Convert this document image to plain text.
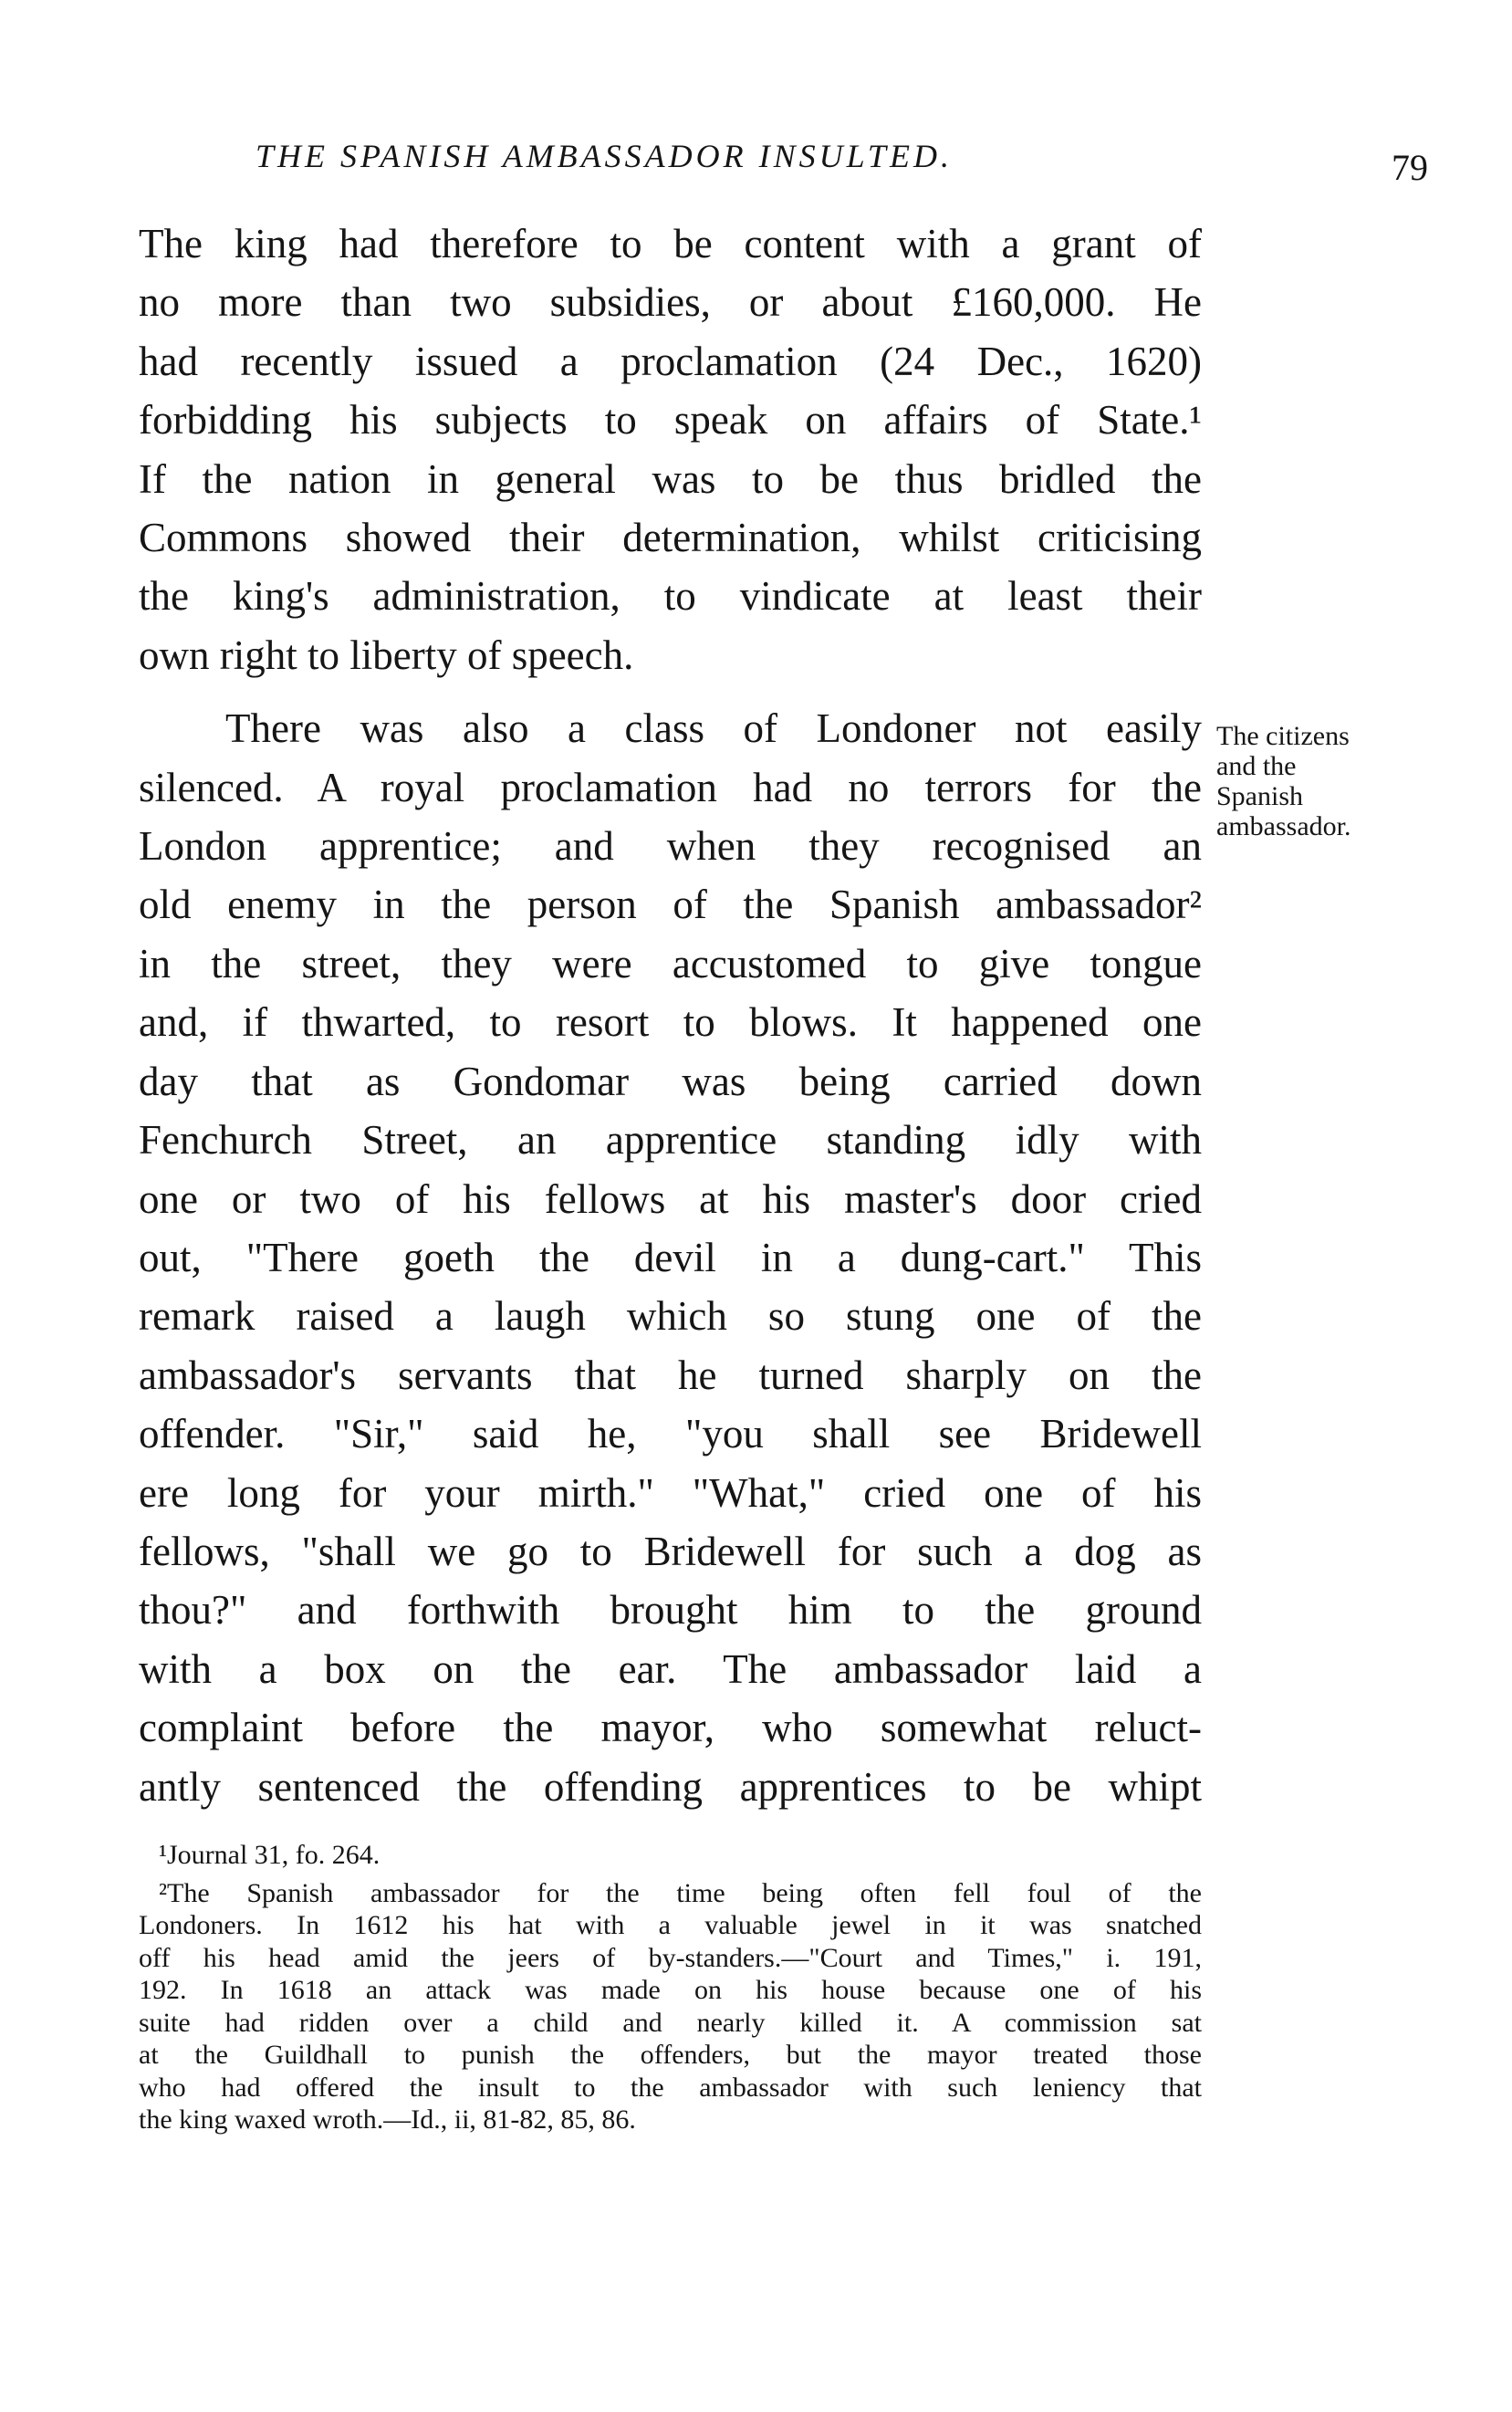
THE SPANISH AMBASSADOR INSULTED.	79
The king had therefore to be content with a grant of
no more than two subsidies, or about £160,000. He
had recently issued a proclamation (24 Dec., 1620)
forbidding his subjects to speak on affairs of State.¹
If the nation in general was to be thus bridled the
Commons showed their determination, whilst criticising
the king's administration, to vindicate at least their
own right to liberty of speech.
There was also a class of Londoner not easily
silenced. A royal proclamation had no terrors for the
London apprentice; and when they recognised an
old enemy in the person of the Spanish ambassador²
in the street, they were accustomed to give tongue
and, if thwarted, to resort to blows. It happened one
day that as Gondomar was being carried down
Fenchurch Street, an apprentice standing idly with
one or two of his fellows at his master's door cried
out, "There goeth the devil in a dung-cart." This
remark raised a laugh which so stung one of the
ambassador's servants that he turned sharply on the
offender. "Sir," said he, "you shall see Bridewell
ere long for your mirth." "What," cried one of his
fellows, "shall we go to Bridewell for such a dog as
thou?" and forthwith brought him to the ground
with a box on the ear. The ambassador laid a
complaint before the mayor, who somewhat reluct-
antly sentenced the offending apprentices to be whipt
The citizens
and the
Spanish
ambassador.
¹Journal 31, fo. 264.
²The Spanish ambassador for the time being often fell foul of the
Londoners. In 1612 his hat with a valuable jewel in it was snatched
off his head amid the jeers of by-standers.—"Court and Times," i. 191,
192. In 1618 an attack was made on his house because one of his
suite had ridden over a child and nearly killed it. A commission sat
at the Guildhall to punish the offenders, but the mayor treated those
who had offered the insult to the ambassador with such leniency that
the king waxed wroth.—Id., ii, 81-82, 85, 86.
